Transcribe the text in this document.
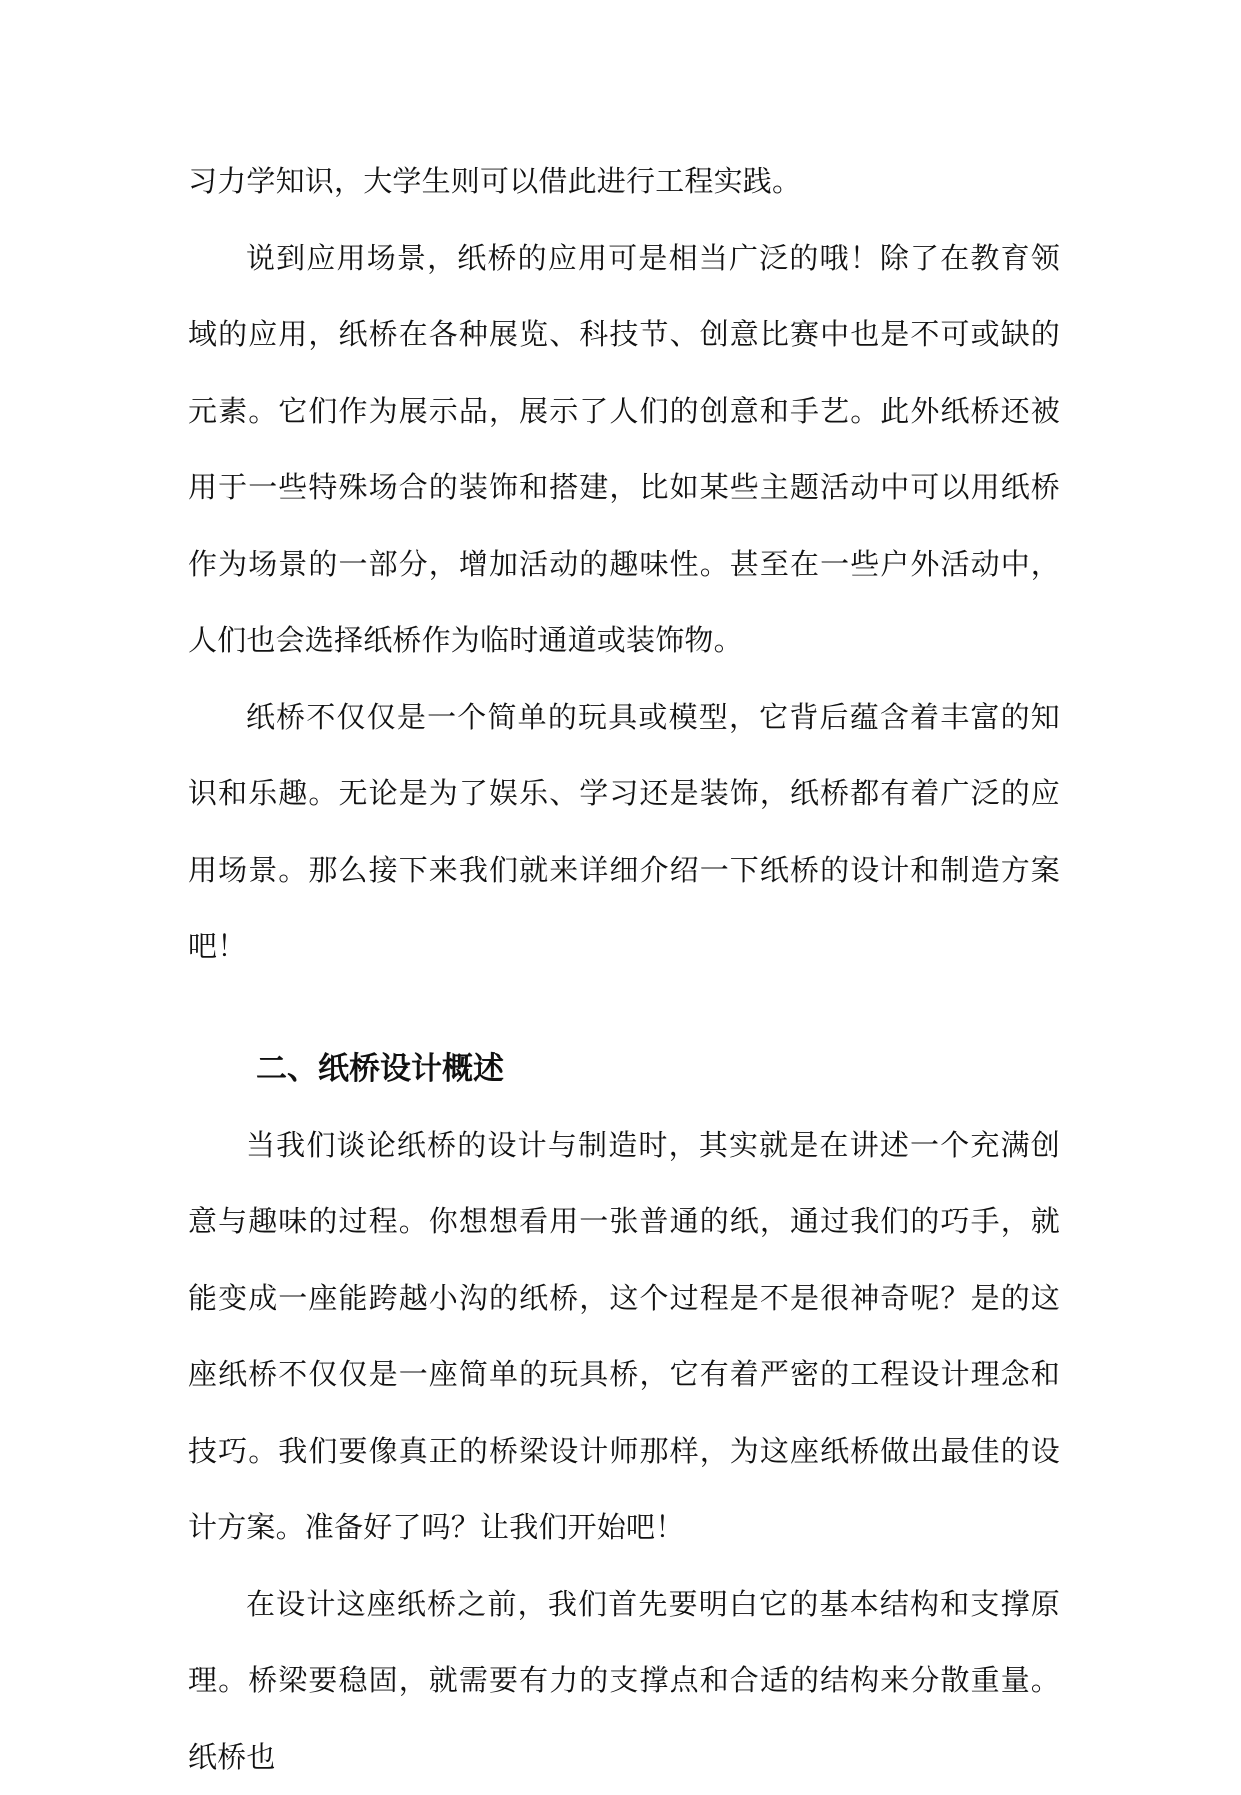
习力学知识，大学生则可以借此进行工程实践。

说到应用场景，纸桥的应用可是相当广泛的哦！除了在教育领域的应用，纸桥在各种展览、科技节、创意比赛中也是不可或缺的元素。它们作为展示品，展示了人们的创意和手艺。此外纸桥还被用于一些特殊场合的装饰和搭建，比如某些主题活动中可以用纸桥作为场景的一部分，增加活动的趣味性。甚至在一些户外活动中，人们也会选择纸桥作为临时通道或装饰物。

纸桥不仅仅是一个简单的玩具或模型，它背后蕴含着丰富的知识和乐趣。无论是为了娱乐、学习还是装饰，纸桥都有着广泛的应用场景。那么接下来我们就来详细介绍一下纸桥的设计和制造方案吧！

二、纸桥设计概述

当我们谈论纸桥的设计与制造时，其实就是在讲述一个充满创意与趣味的过程。你想想看用一张普通的纸，通过我们的巧手，就能变成一座能跨越小沟的纸桥，这个过程是不是很神奇呢？是的这座纸桥不仅仅是一座简单的玩具桥，它有着严密的工程设计理念和技巧。我们要像真正的桥梁设计师那样，为这座纸桥做出最佳的设计方案。准备好了吗？让我们开始吧！

在设计这座纸桥之前，我们首先要明白它的基本结构和支撑原理。桥梁要稳固，就需要有力的支撑点和合适的结构来分散重量。纸桥也
